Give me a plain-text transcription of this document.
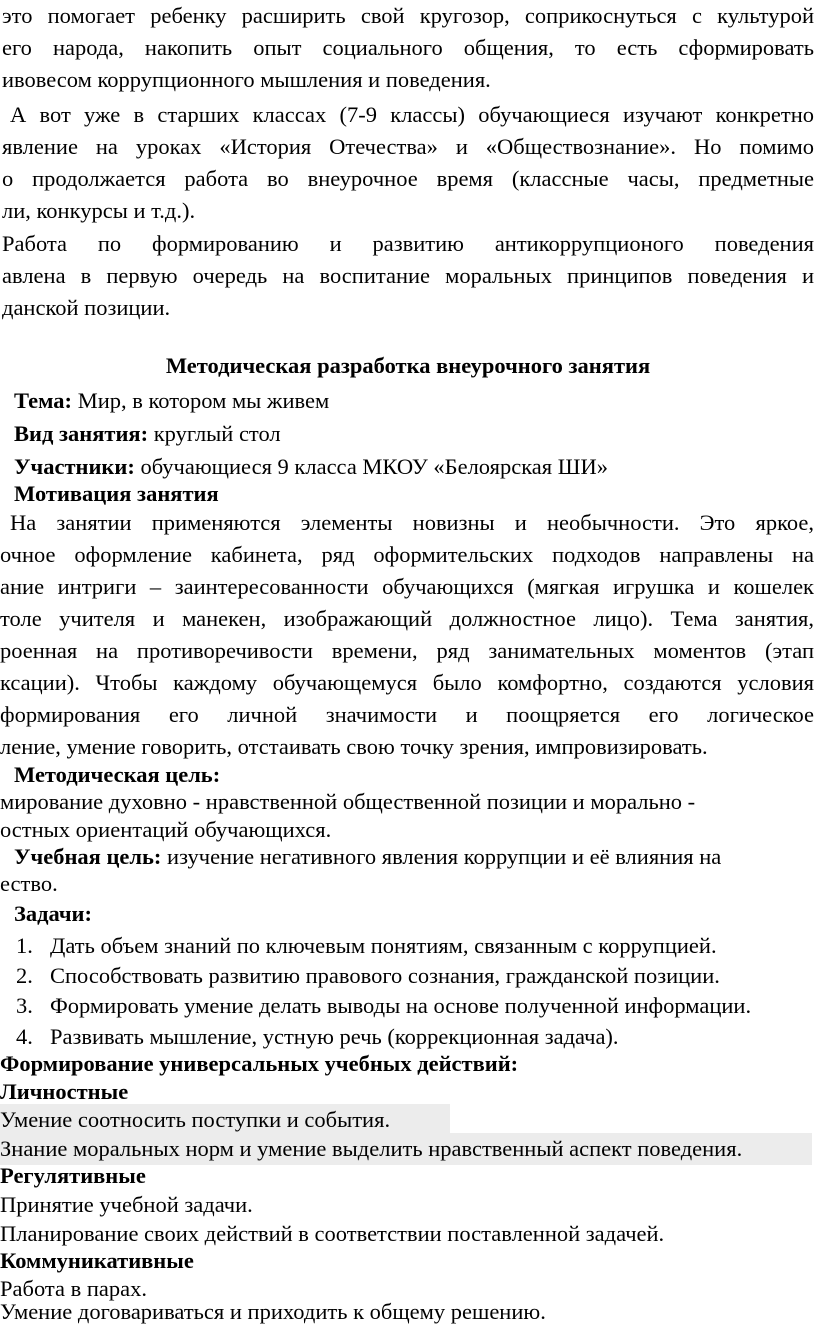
это помогает ребенку расширить свой кругозор, соприкоснуться с культурой
его народа, накопить опыт социального общения, то есть сформировать
ивовесом коррупционного мышления и поведения.
А вот уже в старших классах (7-9 классы) обучающиеся изучают конкретно
явление на уроках «История Отечества» и «Обществознание». Но помимо
о продолжается работа во внеурочное время (классные часы, предметные
ли, конкурсы и т.д.).
Работа по формированию и развитию антикоррупционого поведения
авлена в первую очередь на воспитание моральных принципов поведения и
данской позиции.
Методическая разработка внеурочного занятия
Тема: Мир, в котором мы живем
Вид занятия: круглый стол
Участники: обучающиеся 9 класса МКОУ «Белоярская ШИ»
Мотивация занятия
На занятии применяются элементы новизны и необычности. Это яркое,
очное оформление кабинета, ряд оформительских подходов направлены на
ание интриги – заинтересованности обучающихся (мягкая игрушка и кошелек
толе учителя и манекен, изображающий должностное лицо). Тема занятия,
роенная на противоречивости времени, ряд занимательных моментов (этап
ксации). Чтобы каждому обучающемуся было комфортно, создаются условия
формирования его личной значимости и поощряется его логическое
ление, умение говорить, отстаивать свою точку зрения, импровизировать.
Методическая цель:
мирование духовно - нравственной общественной позиции и морально -
остных ориентаций обучающихся.
Учебная цель: изучение негативного явления коррупции и её влияния на
ество.
Задачи:
1. Дать объем знаний по ключевым понятиям, связанным с коррупцией.
2. Способствовать развитию правового сознания, гражданской позиции.
3. Формировать умение делать выводы на основе полученной информации.
4. Развивать мышление, устную речь (коррекционная задача).
Формирование универсальных учебных действий:
Личностные
Умение соотносить поступки и события.
Знание моральных норм и умение выделить нравственный аспект поведения.
Регулятивные
Принятие учебной задачи.
Планирование своих действий в соответствии поставленной задачей.
Коммуникативные
Работа в парах.
Умение договариваться и приходить к общему решению.
